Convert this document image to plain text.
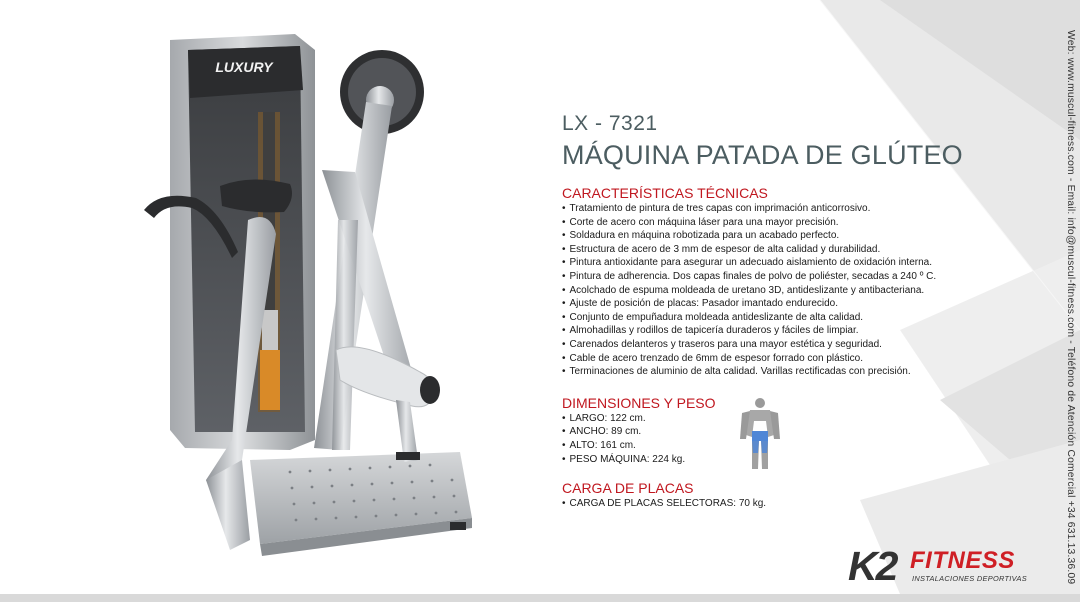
LUXURY
LX - 7321
MÁQUINA PATADA DE GLÚTEO
CARACTERÍSTICAS TÉCNICAS
• Tratamiento de pintura de tres capas con imprimación anticorrosivo.
• Corte de acero con máquina láser para una mayor precisión.
• Soldadura en máquina robotizada para un acabado perfecto.
• Estructura de acero de 3 mm de espesor de alta calidad y durabilidad.
• Pintura antioxidante para asegurar un adecuado aislamiento de oxidación interna.
• Pintura de adherencia. Dos capas finales de polvo de poliéster, secadas a 240 º C.
• Acolchado de espuma moldeada de uretano 3D, antideslizante y antibacteriana.
• Ajuste de posición de placas: Pasador imantado endurecido.
• Conjunto de empuñadura moldeada antideslizante de alta calidad.
• Almohadillas y rodillos de tapicería duraderos y fáciles de limpiar.
• Carenados delanteros y traseros para una mayor estética y seguridad.
• Cable de acero trenzado de 6mm de espesor forrado con plástico.
• Terminaciones de aluminio de alta calidad. Varillas rectificadas con precisión.
DIMENSIONES Y PESO
• LARGO: 122 cm.
• ANCHO: 89 cm.
• ALTO: 161 cm.
• PESO MÁQUINA: 224 kg.
CARGA DE PLACAS
• CARGA DE PLACAS SELECTORAS: 70 kg.	Web: www.muscul-fitness.com - Email: info@muscul-fitness.com - Teléfono de Atención Comercial +34 631.13.36.09
K2 FITNESS
INSTALACIONES DEPORTIVAS
